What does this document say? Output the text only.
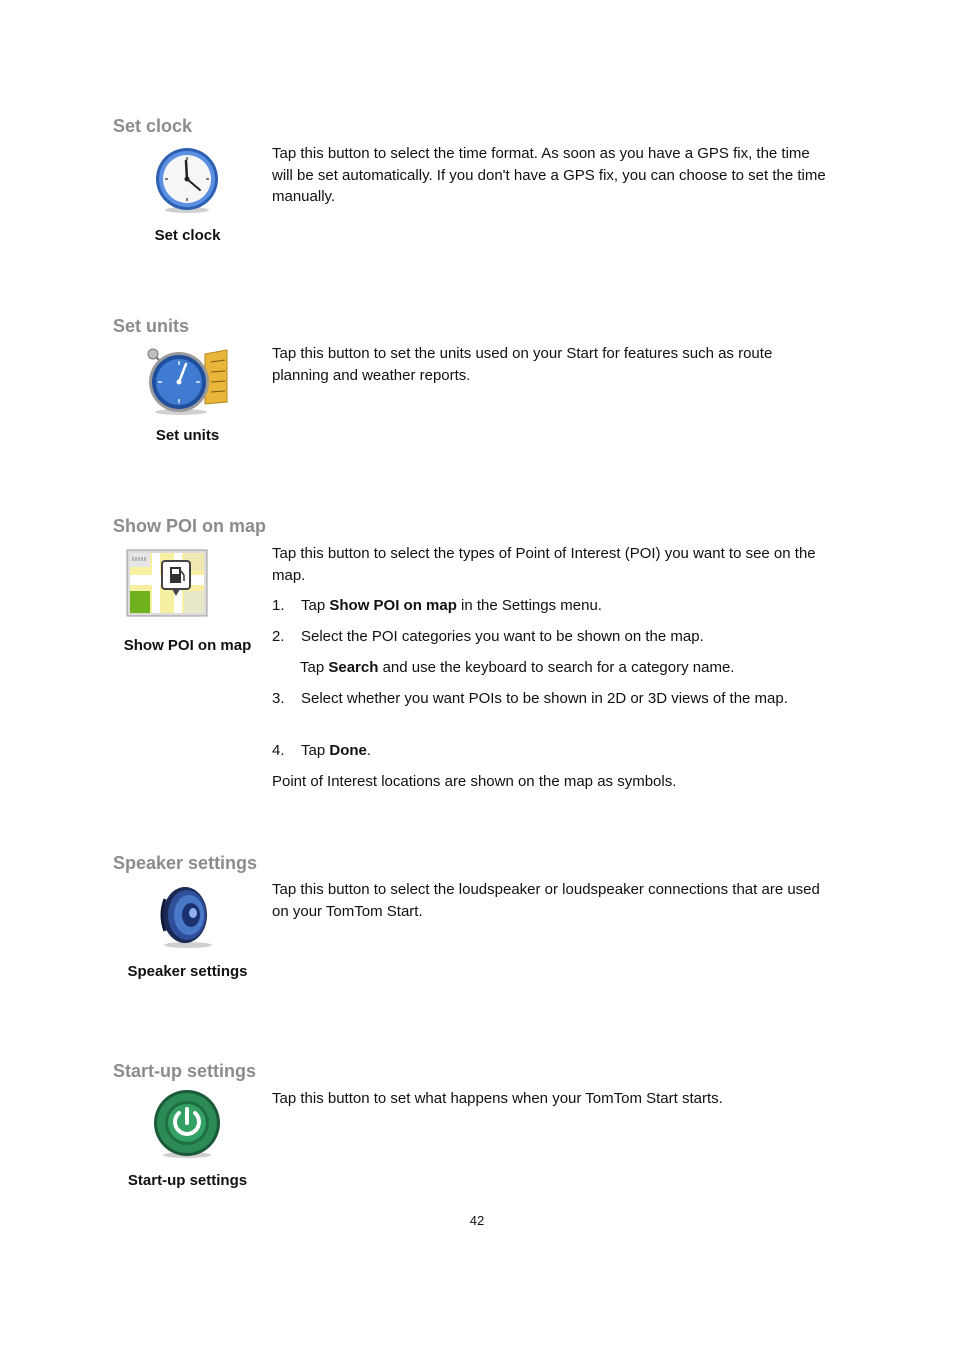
Set clock
Set clock

Tap this button to select the time format. As soon as you have a GPS fix, the time will be set automatically. If you don't have a GPS fix, you can choose to set the time manually.

Set units
Set units

Tap this button to set the units used on your Start for features such as route planning and weather reports.

Show POI on map
Show POI on map

Tap this button to select the types of Point of Interest (POI) you want to see on the map.

1. Tap Show POI on map in the Settings menu.
2. Select the POI categories you want to be shown on the map.
Tap Search and use the keyboard to search for a category name.
3. Select whether you want POIs to be shown in 2D or 3D views of the map.
4. Tap Done.

Point of Interest locations are shown on the map as symbols.

Speaker settings
Speaker settings

Tap this button to select the loudspeaker or loudspeaker connections that are used on your TomTom Start.

Start-up settings
Start-up settings

Tap this button to set what happens when your TomTom Start starts.

42
